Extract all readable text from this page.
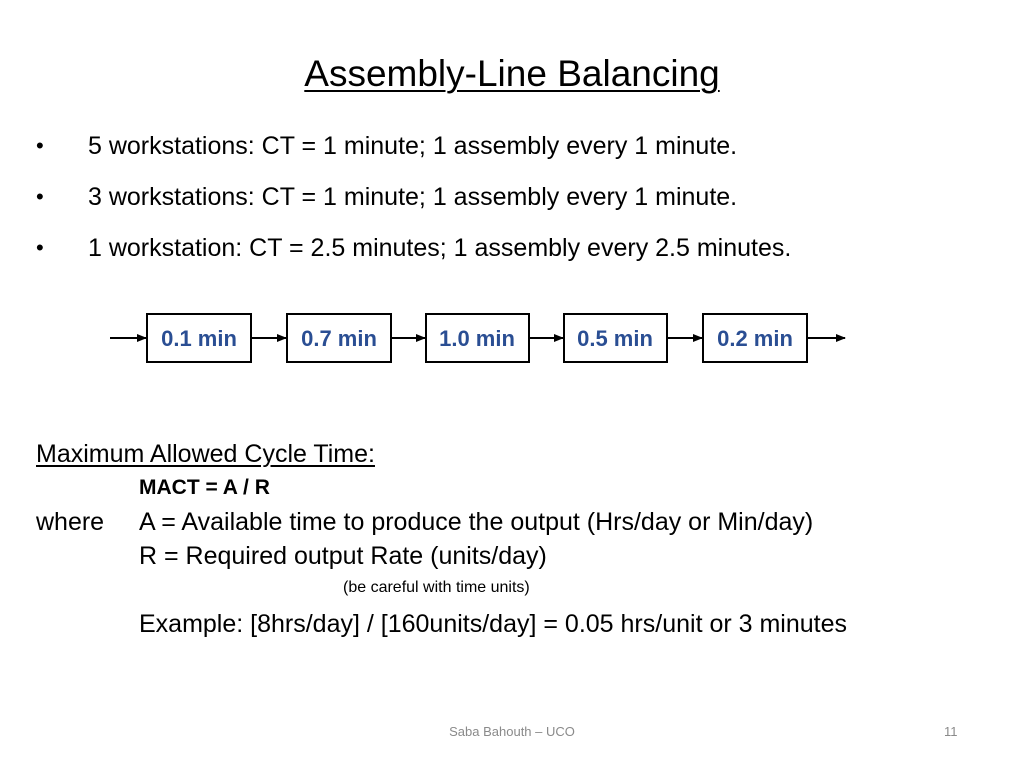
Assembly-Line Balancing
• 5 workstations: CT = 1 minute; 1 assembly every 1 minute.
• 3 workstations: CT = 1 minute; 1 assembly every 1 minute.
• 1 workstation: CT = 2.5 minutes; 1 assembly every 2.5 minutes.
0.1 min	0.7 min	1.0 min	0.5 min	0.2 min
Maximum Allowed Cycle Time:
MACT = A / R
where A = Available time to produce the output (Hrs/day or Min/day)
R = Required output Rate (units/day)
(be careful with time units)
Example: [8hrs/day] / [160units/day] = 0.05 hrs/unit or 3 minutes
Saba Bahouth – UCO	11
